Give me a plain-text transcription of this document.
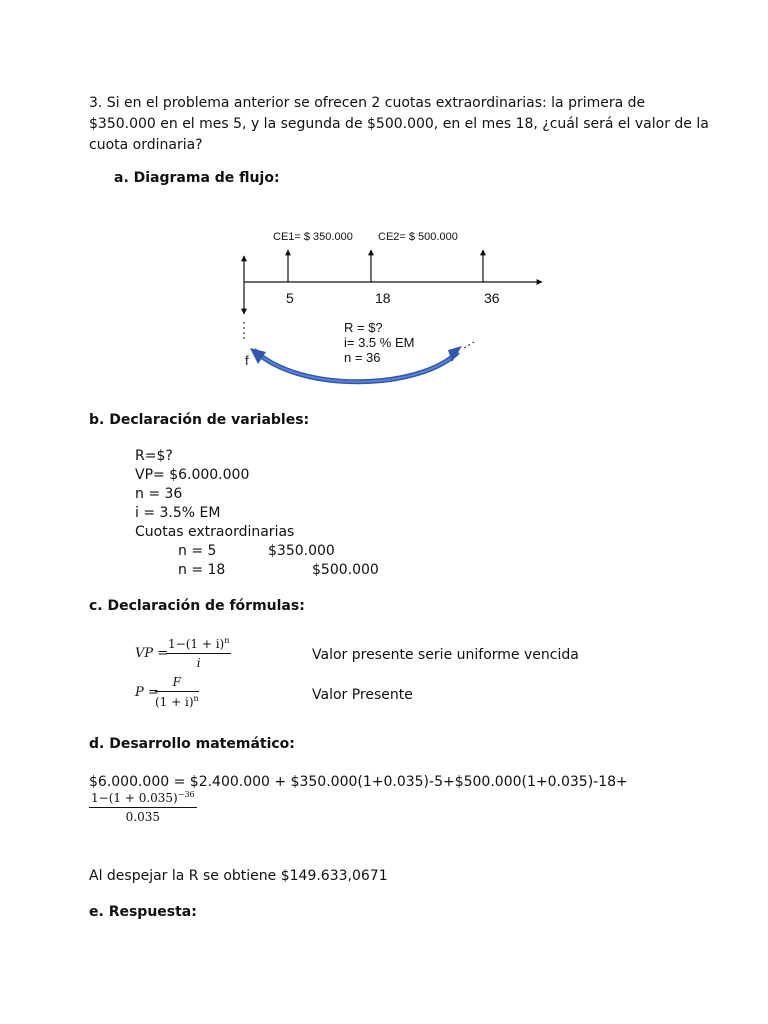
3. Si en el problema anterior se ofrecen 2 cuotas extraordinarias: la primera de $350.000 en el mes 5, y la segunda de $500.000, en el mes 18, ¿cuál será el valor de la cuota ordinaria?
a. Diagrama de flujo:
CE1= $ 350.000 CE2= $ 500.000
5	18	36
f
R = $?
i= 3.5 % EM
n = 36
b. Declaración de variables:
R=$?
VP= $6.000.000
n = 36
i = 3.5% EM
Cuotas extraordinarias
n = 5	$350.000
n = 18	$500.000
c. Declaración de fórmulas:
VP =
$\frac{1-(1 + i)^n}{i}$	Valor presente serie uniforme vencida
P =
$\frac{F}{(1 + i)^n}$	Valor Presente
d. Desarrollo matemático:
$6.000.000 = $2.400.000 + $350.000(1+0.035)-5+$500.000(1+0.035)-18+
$\frac{1-(1 + 0.035)^{-36}}{0.035}$
Al despejar la R se obtiene $149.633,0671
e. Respuesta:
